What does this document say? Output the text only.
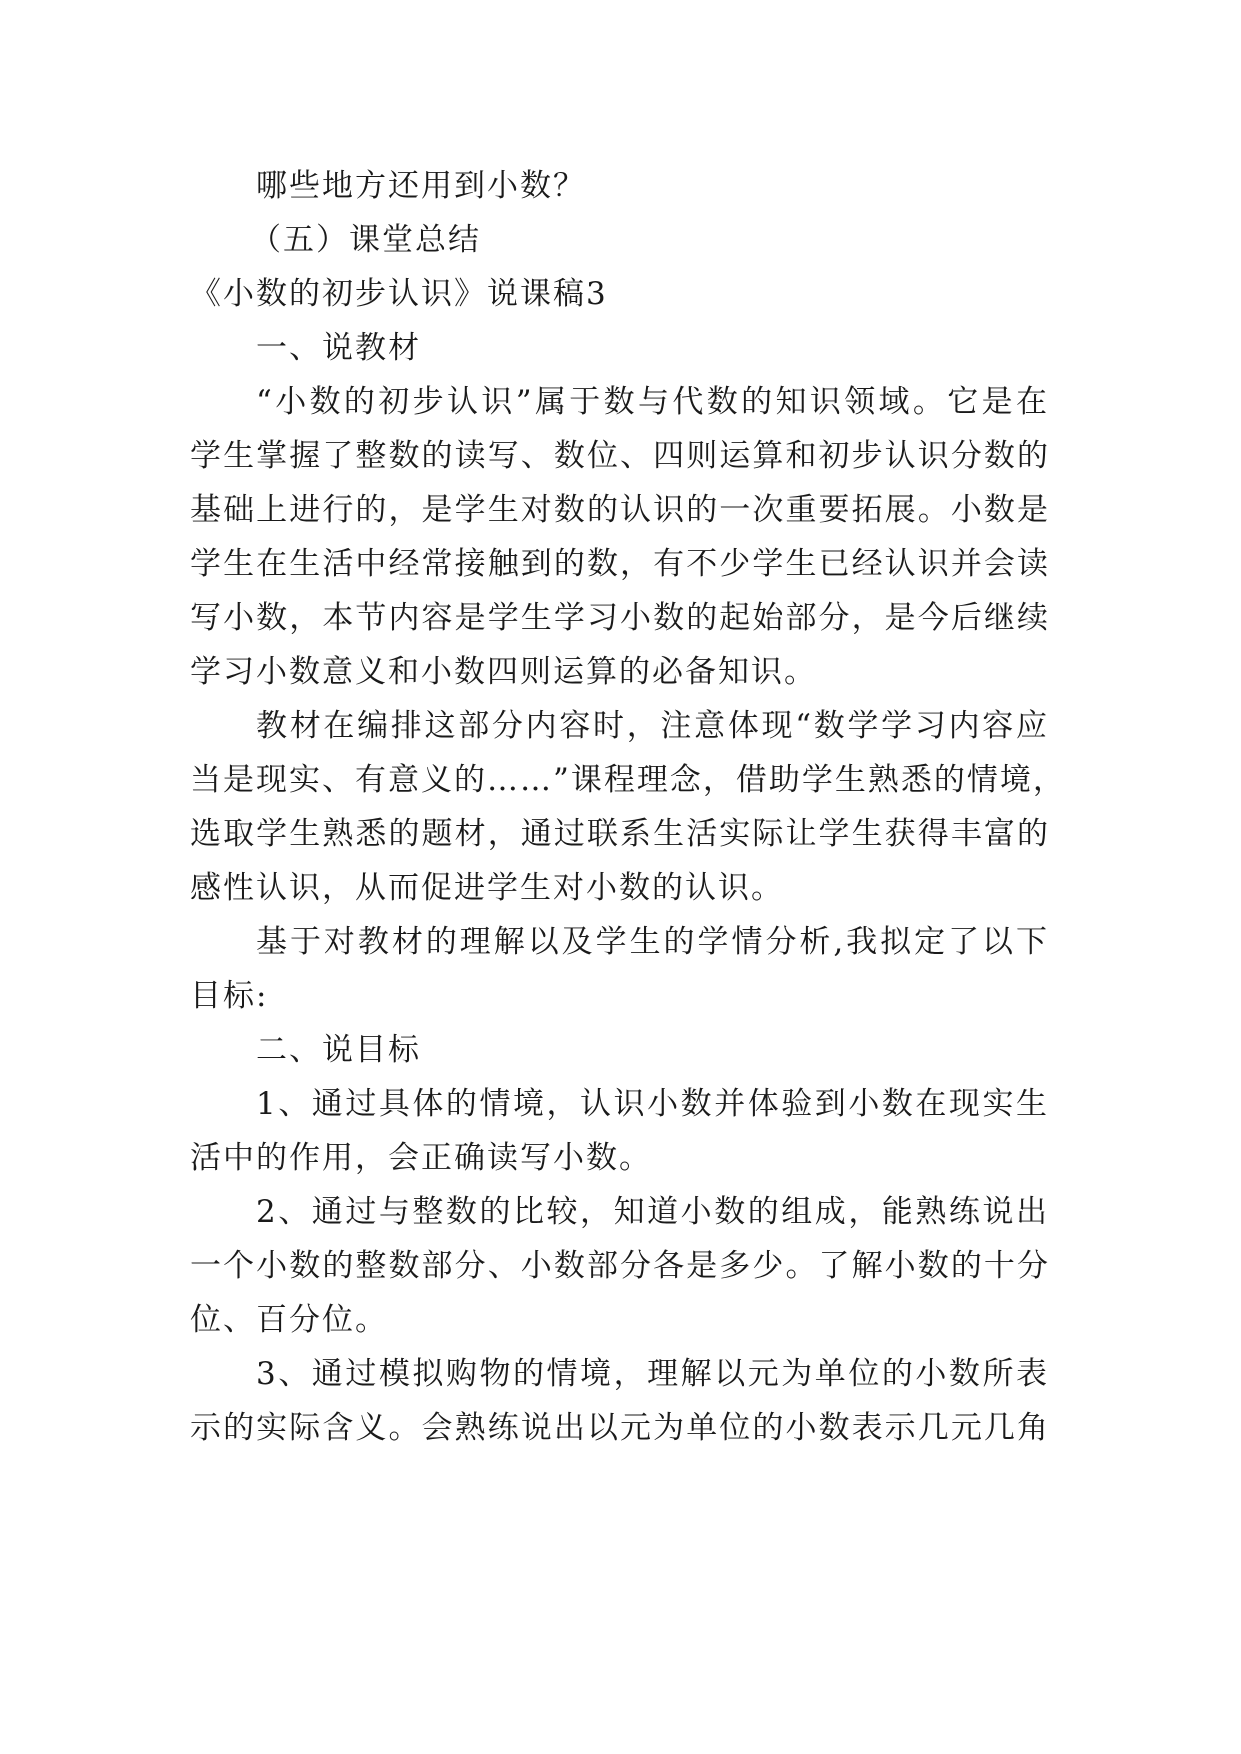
哪些地方还用到小数？
（五）课堂总结
《小数的初步认识》说课稿3
一、说教材
“小数的初步认识”属于数与代数的知识领域。它是在
学生掌握了整数的读写、数位、四则运算和初步认识分数的
基础上进行的，是学生对数的认识的一次重要拓展。小数是
学生在生活中经常接触到的数，有不少学生已经认识并会读
写小数，本节内容是学生学习小数的起始部分，是今后继续
学习小数意义和小数四则运算的必备知识。
教材在编排这部分内容时，注意体现“数学学习内容应
当是现实、有意义的……”课程理念，借助学生熟悉的情境，
选取学生熟悉的题材，通过联系生活实际让学生获得丰富的
感性认识，从而促进学生对小数的认识。
基于对教材的理解以及学生的学情分析,我拟定了以下
目标:
二、说目标
1、通过具体的情境，认识小数并体验到小数在现实生
活中的作用，会正确读写小数。
2、通过与整数的比较，知道小数的组成，能熟练说出
一个小数的整数部分、小数部分各是多少。了解小数的十分
位、百分位。
3、通过模拟购物的情境，理解以元为单位的小数所表
示的实际含义。会熟练说出以元为单位的小数表示几元几角
